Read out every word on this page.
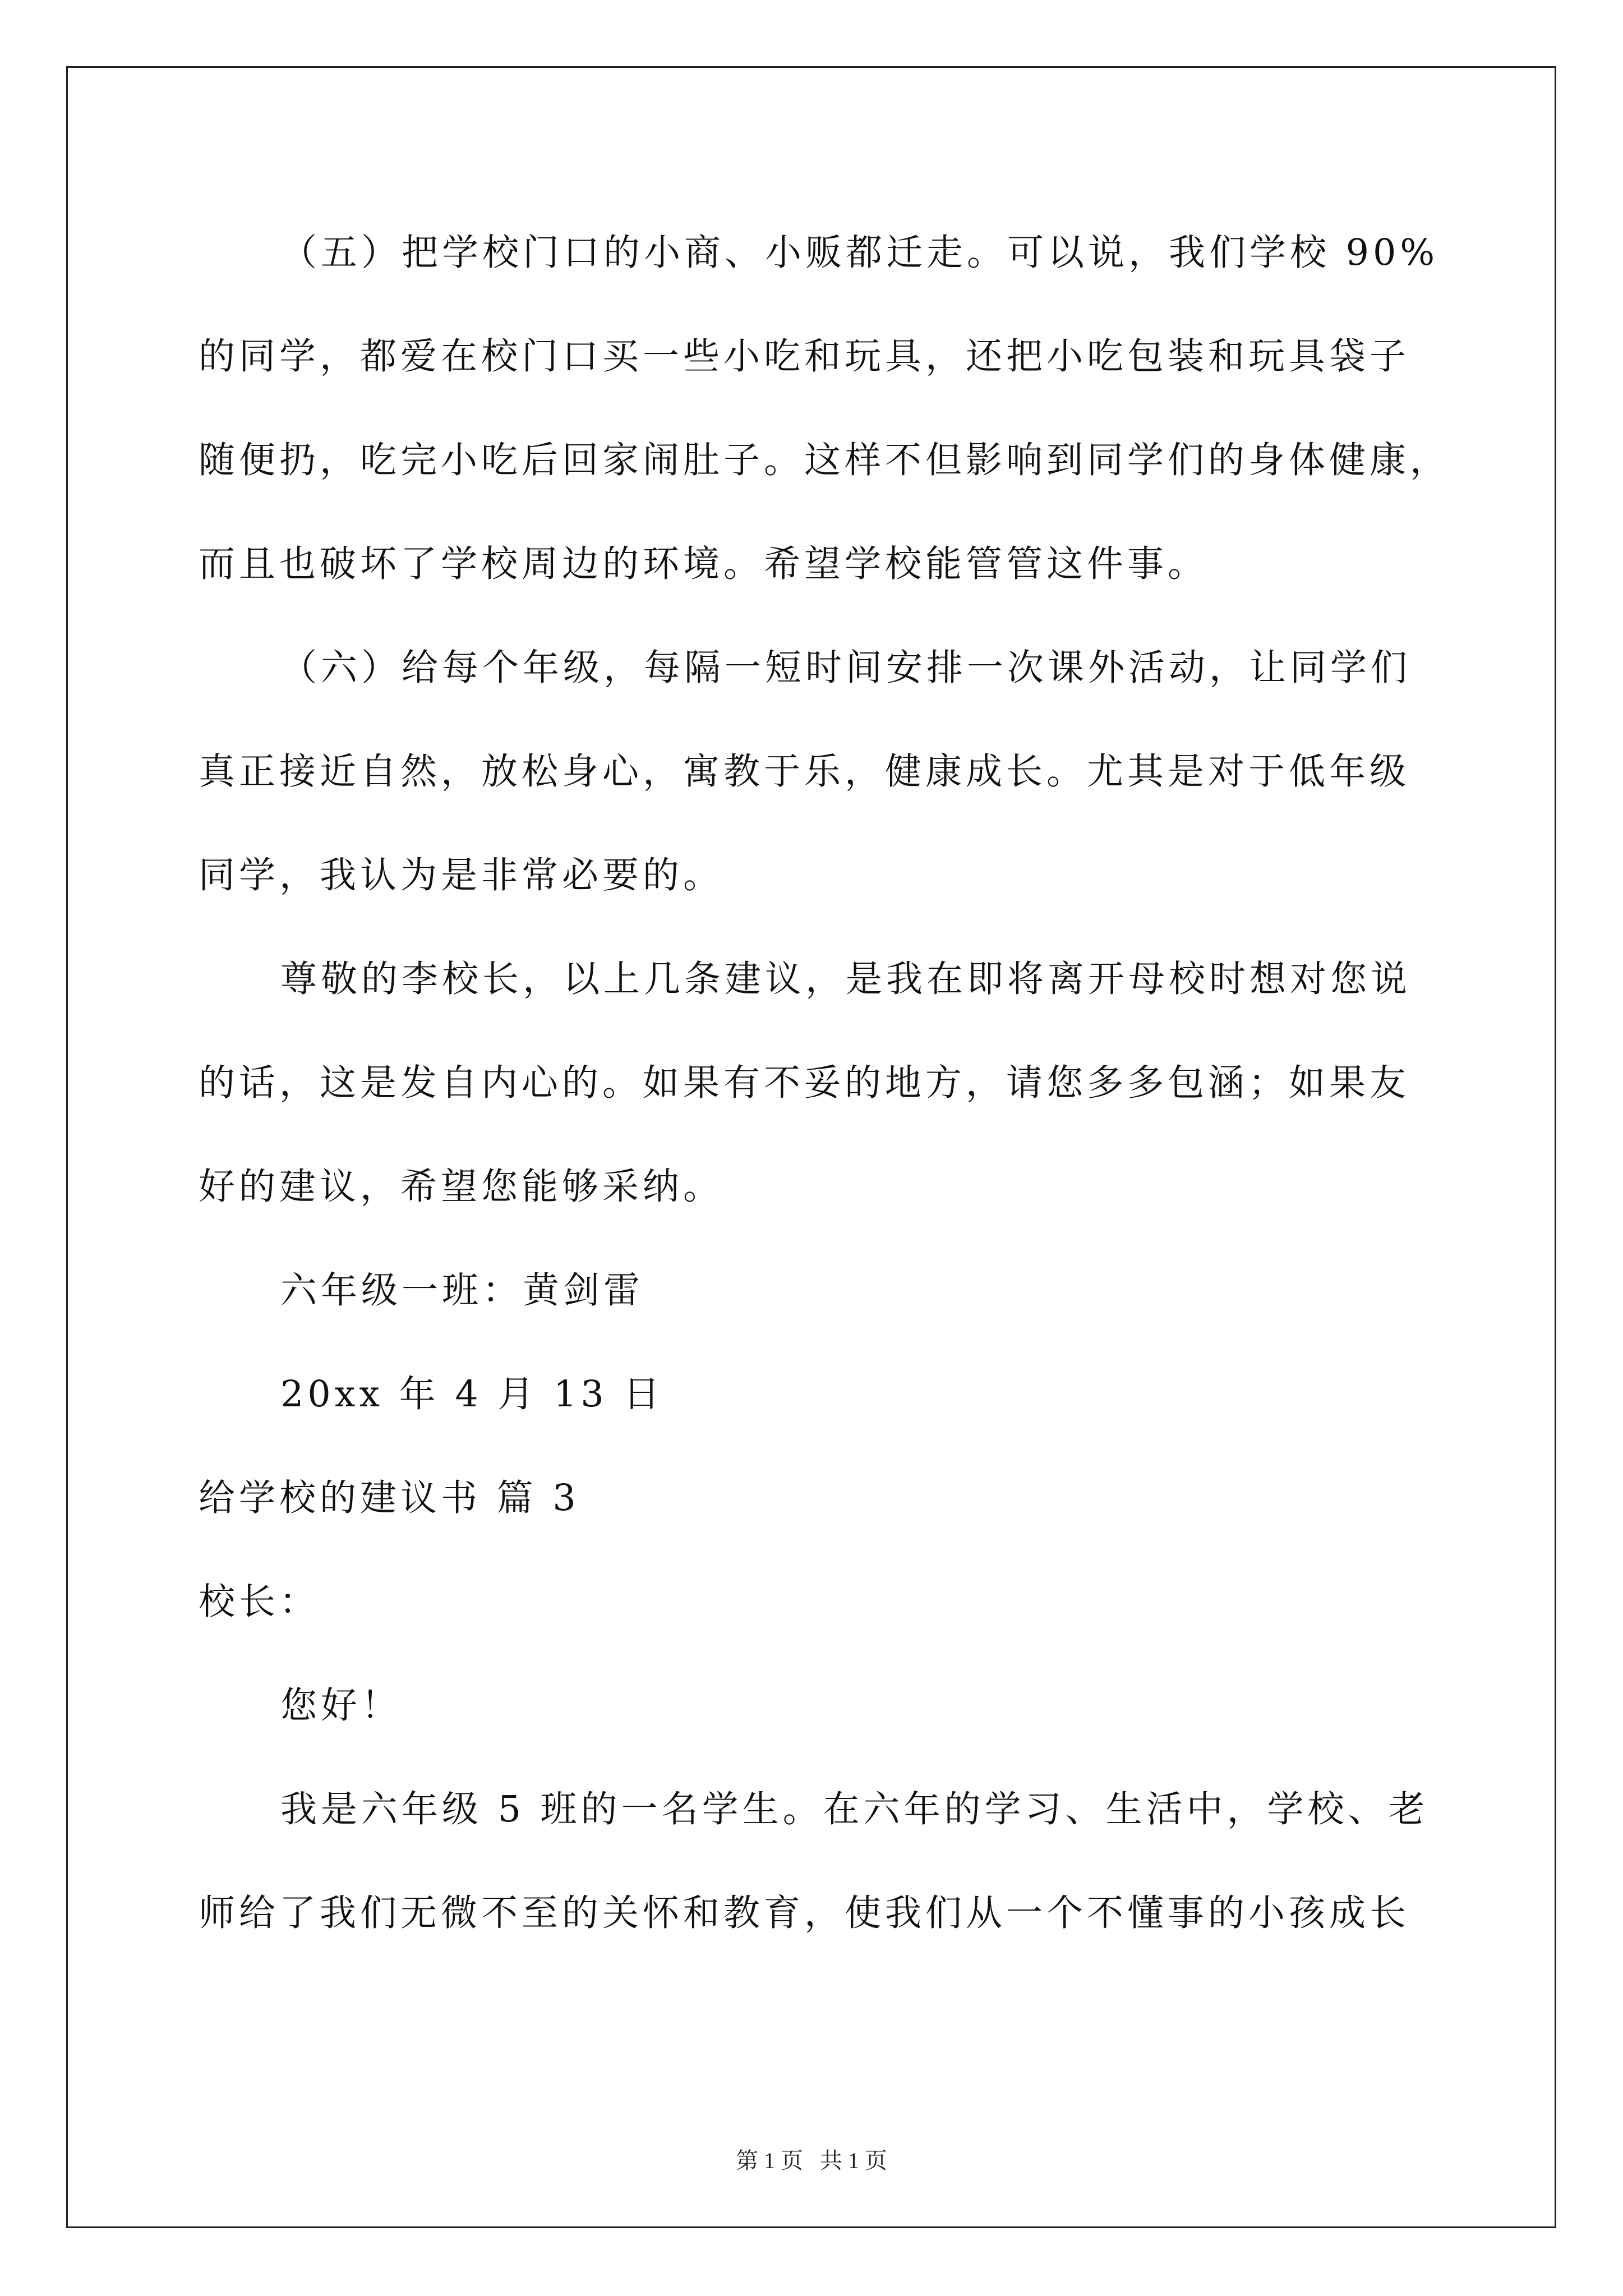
（五）把学校门口的小商、小贩都迁走。可以说，我们学校 90%
的同学，都爱在校门口买一些小吃和玩具，还把小吃包装和玩具袋子
随便扔，吃完小吃后回家闹肚子。这样不但影响到同学们的身体健康，
而且也破坏了学校周边的环境。希望学校能管管这件事。
（六）给每个年级，每隔一短时间安排一次课外活动，让同学们
真正接近自然，放松身心，寓教于乐，健康成长。尤其是对于低年级
同学，我认为是非常必要的。
尊敬的李校长，以上几条建议，是我在即将离开母校时想对您说
的话，这是发自内心的。如果有不妥的地方，请您多多包涵；如果友
好的建议，希望您能够采纳。
六年级一班：黄剑雷
20xx 年 4 月 13 日
给学校的建议书 篇 3
校长：
您好！
我是六年级 5 班的一名学生。在六年的学习、生活中，学校、老
师给了我们无微不至的关怀和教育，使我们从一个不懂事的小孩成长
第 1 页   共 1 页
